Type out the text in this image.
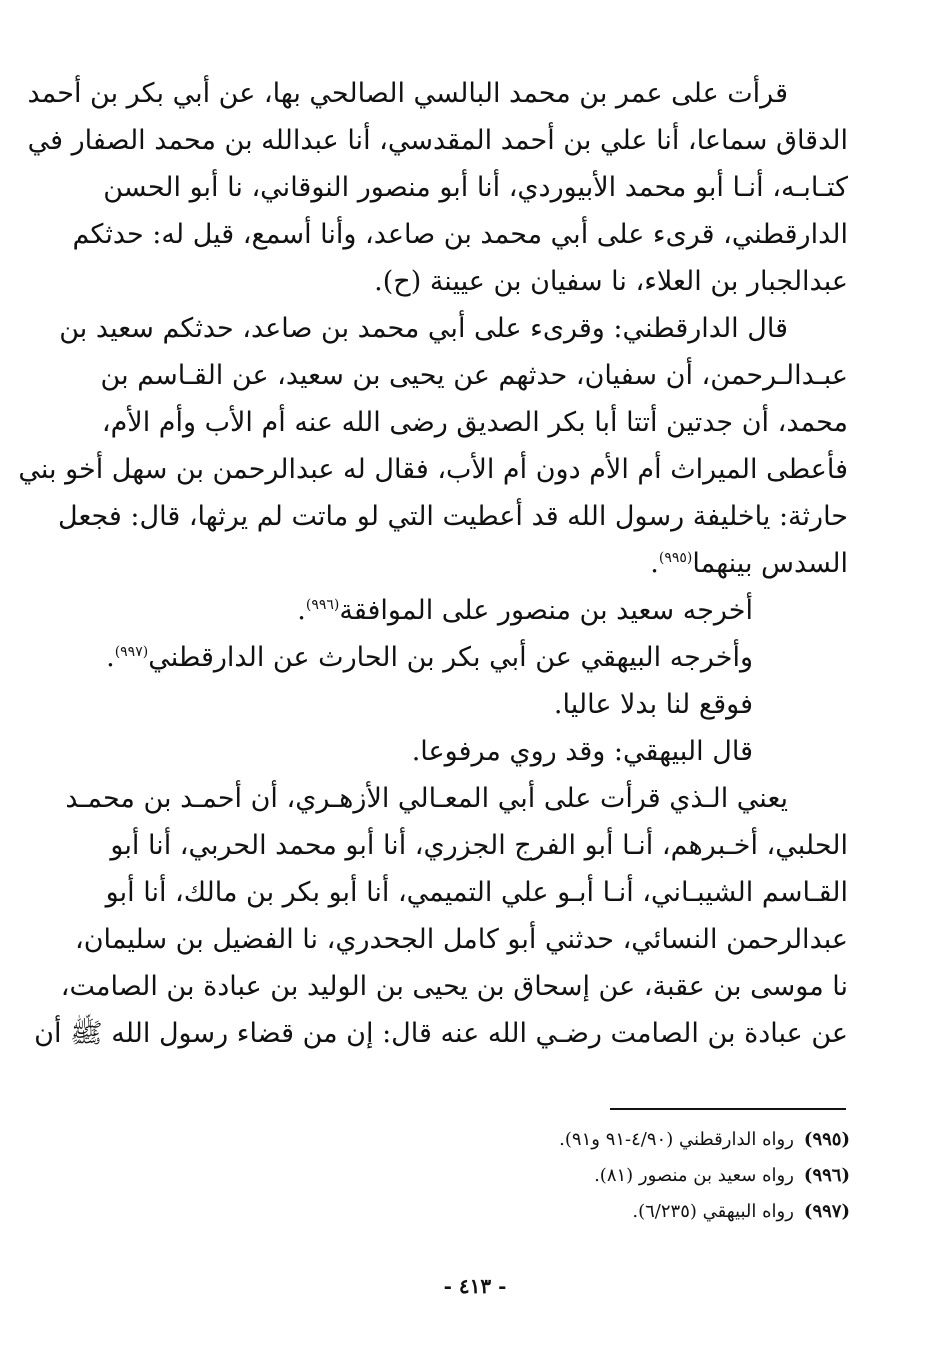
قرأت على عمر بن محمد البالسي الصالحي بها، عن أبي بكر بن أحمد
الدقاق سماعا، أنا علي بن أحمد المقدسي، أنا عبدالله بن محمد الصفار في
كتـابـه، أنـا أبو محمد الأبيوردي، أنا أبو منصور النوقاني، نا أبو الحسن
الدارقطني، قرىء على أبي محمد بن صاعد، وأنا أسمع، قيل له: حدثكم
عبدالجبار بن العلاء، نا سفيان بن عيينة (ح).
قال الدارقطني: وقرىء على أبي محمد بن صاعد، حدثكم سعيد بن
عبـدالـرحمن، أن سفيان، حدثهم عن يحيى بن سعيد، عن القـاسم بن
محمد، أن جدتين أتتا أبا بكر الصديق رضى الله عنه أم الأب وأم الأم،
فأعطى الميراث أم الأم دون أم الأب، فقال له عبدالرحمن بن سهل أخو بني
حارثة: ياخليفة رسول الله قد أعطيت التي لو ماتت لم يرثها، قال: فجعل
السدس بينهما$^{(٩٩٥)}$.
أخرجه سعيد بن منصور على الموافقة$^{(٩٩٦)}$.
وأخرجه البيهقي عن أبي بكر بن الحارث عن الدارقطني$^{(٩٩٧)}$.
فوقع لنا بدلا عاليا.
قال البيهقي: وقد روي مرفوعا.
يعني الـذي قرأت على أبي المعـالي الأزهـري، أن أحمـد بن محمـد
الحلبي، أخـبرهم، أنـا أبو الفرج الجزري، أنا أبو محمد الحربي، أنا أبو
القـاسم الشيبـاني، أنـا أبـو علي التميمي، أنا أبو بكر بن مالك، أنا أبو
عبدالرحمن النسائي، حدثني أبو كامل الجحدري، نا الفضيل بن سليمان،
نا موسى بن عقبة، عن إسحاق بن يحيى بن الوليد بن عبادة بن الصامت،
عن عبادة بن الصامت رضـي الله عنه قال: إن من قضاء رسول الله ﷺ أن
(٩٩٥)رواه الدارقطني (٤/٩٠-٩١ و٩١).
(٩٩٦)رواه سعيد بن منصور (٨١).
(٩٩٧)رواه البيهقي (٦/٢٣٥).
- ٤١٣ -
